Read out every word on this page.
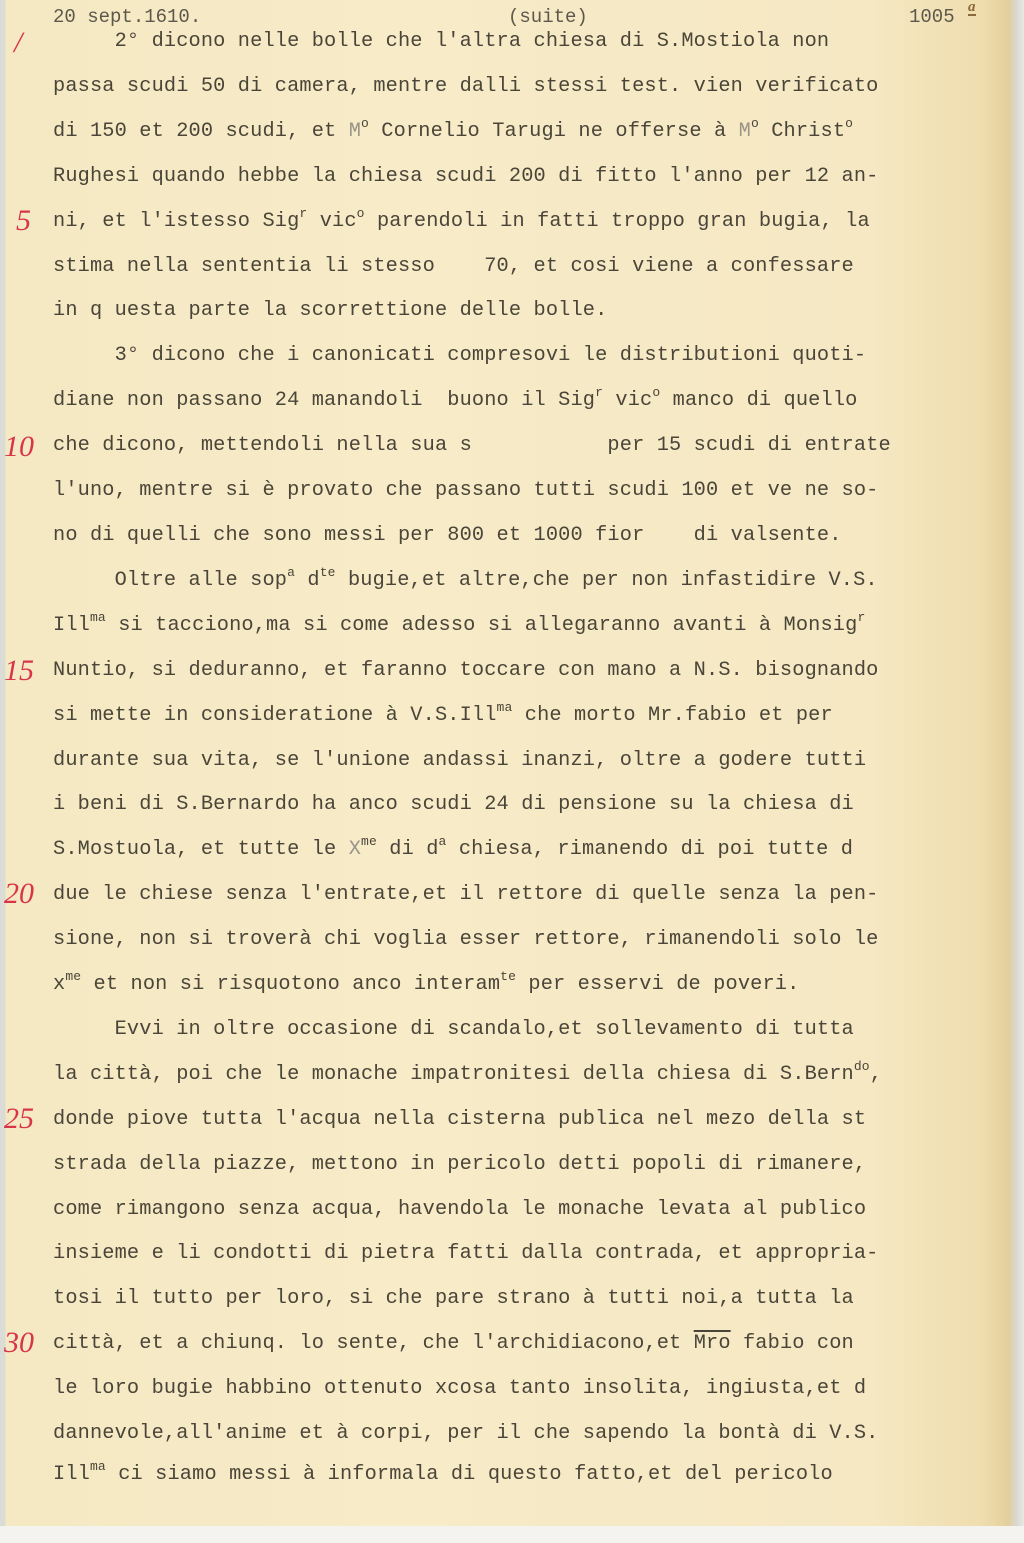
20 sept.1610.	(suite)	1005 a
/
5
10
15
20
25
30
2° dicono nelle bolle che l'altra chiesa di S.Mostiola non
passa scudi 50 di camera, mentre dalli stessi test. vien verificato
di 150 et 200 scudi, et $M^o$ Cornelio Tarugi ne offerse à $M^o$ Christ$^o$
Rughesi quando hebbe la chiesa scudi 200 di fitto l'anno per 12 an-
ni, et l'istesso Sig$^r$ vic$^o$ parendoli in fatti troppo gran bugia, la
stima nella sententia li stesso    70, et cosi viene a confessare
in q uesta parte la scorrettione delle bolle.
3° dicono che i canonicati compresovi le distributioni quoti-
diane non passano 24 manandoli  buono il Sig$^r$ vic$^o$ manco di quello
che dicono, mettendoli nella sua s           per 15 scudi di entrate
l'uno, mentre si è provato che passano tutti scudi 100 et ve ne so-
no di quelli che sono messi per 800 et 1000 fior    di valsente.
Oltre alle sop$^a$ $d^{te}$ bugie,et altre,che per non infastidire V.S.
Ill$^{ma}$ si tacciono,ma si come adesso si allegaranno avanti à Monsig$^r$
Nuntio, si deduranno, et faranno toccare con mano a N.S. bisognando
si mette in consideratione à V.S.Ill$^{ma}$ che morto Mr.fabio et per
durante sua vita, se l'unione andassi inanzi, oltre a godere tutti
i beni di S.Bernardo ha anco scudi 24 di pensione su la chiesa di
S.Mostuola, et tutte le $X^{me}$ di $d^a$ chiesa, rimanendo di poi tutte d
due le chiese senza l'entrate,et il rettore di quelle senza la pen-
sione, non si troverà chi voglia esser rettore, rimanendoli solo le
$x^{me}$ et non si risquotono anco interam$^{te}$ per esservi de poveri.
Evvi in oltre occasione di scandalo,et sollevamento di tutta
la città, poi che le monache impatronitesi della chiesa di S.Bern$^{do}$,
donde piove tutta l'acqua nella cisterna publica nel mezo della st
strada della piazze, mettono in pericolo detti popoli di rimanere,
come rimangono senza acqua, havendola le monache levata al publico
insieme e li condotti di pietra fatti dalla contrada, et appropria-
tosi il tutto per loro, si che pare strano à tutti noi,a tutta la
città, et a chiunq. lo sente, che l'archidiacono,et $\overline{Mro}$ fabio con
le loro bugie habbino ottenuto xcosa tanto insolita, ingiusta,et d
dannevole,all'anime et à corpi, per il che sapendo la bontà di V.S.
Ill$^{ma}$ ci siamo messi à informala di questo fatto,et del pericolo
